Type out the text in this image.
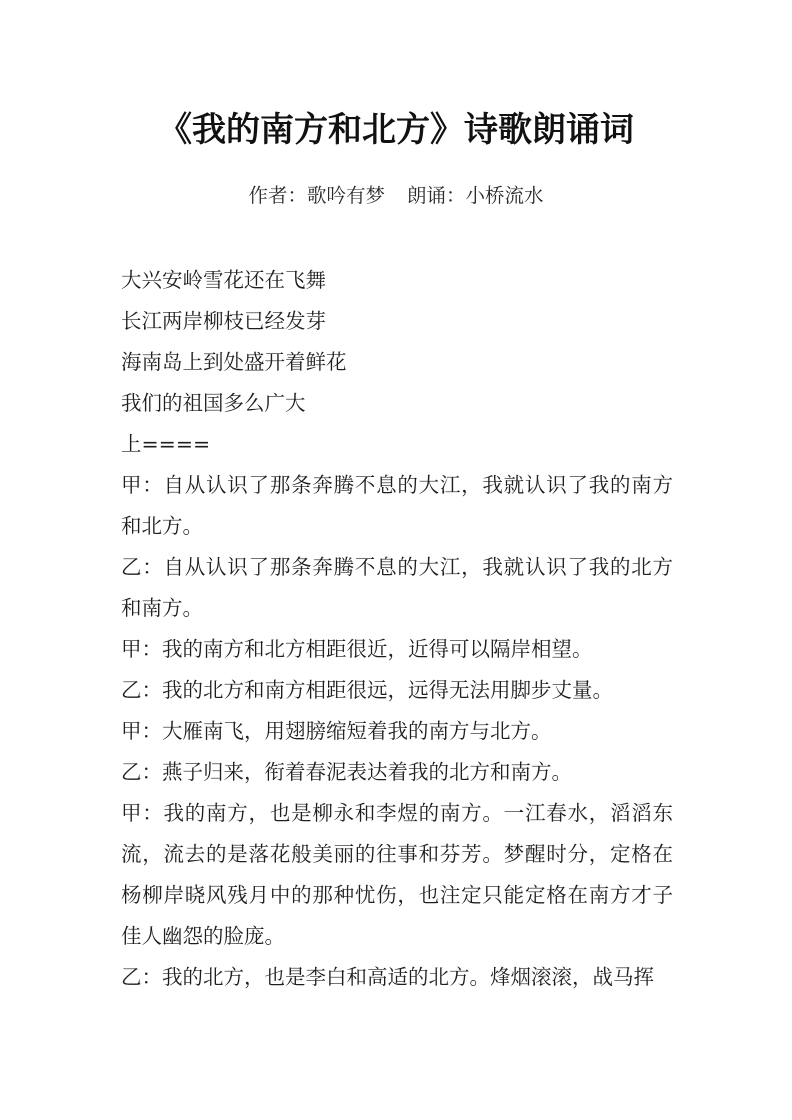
《我的南方和北方》诗歌朗诵词
作者：歌吟有梦 朗诵：小桥流水

大兴安岭雪花还在飞舞

长江两岸柳枝已经发芽

海南岛上到处盛开着鲜花

我们的祖国多么广大

上====

甲：自从认识了那条奔腾不息的大江，我就认识了我的南方和北方。

乙：自从认识了那条奔腾不息的大江，我就认识了我的北方和南方。

甲：我的南方和北方相距很近，近得可以隔岸相望。

乙：我的北方和南方相距很远，远得无法用脚步丈量。

甲：大雁南飞，用翅膀缩短着我的南方与北方。

乙：燕子归来，衔着春泥表达着我的北方和南方。

甲：我的南方，也是柳永和李煜的南方。一江春水，滔滔东流，流去的是落花般美丽的往事和芬芳。梦醒时分，定格在杨柳岸晓风残月中的那种忧伤，也注定只能定格在南方才子佳人幽怨的脸庞。

乙：我的北方，也是李白和高适的北方。烽烟滚滚，战马挥
